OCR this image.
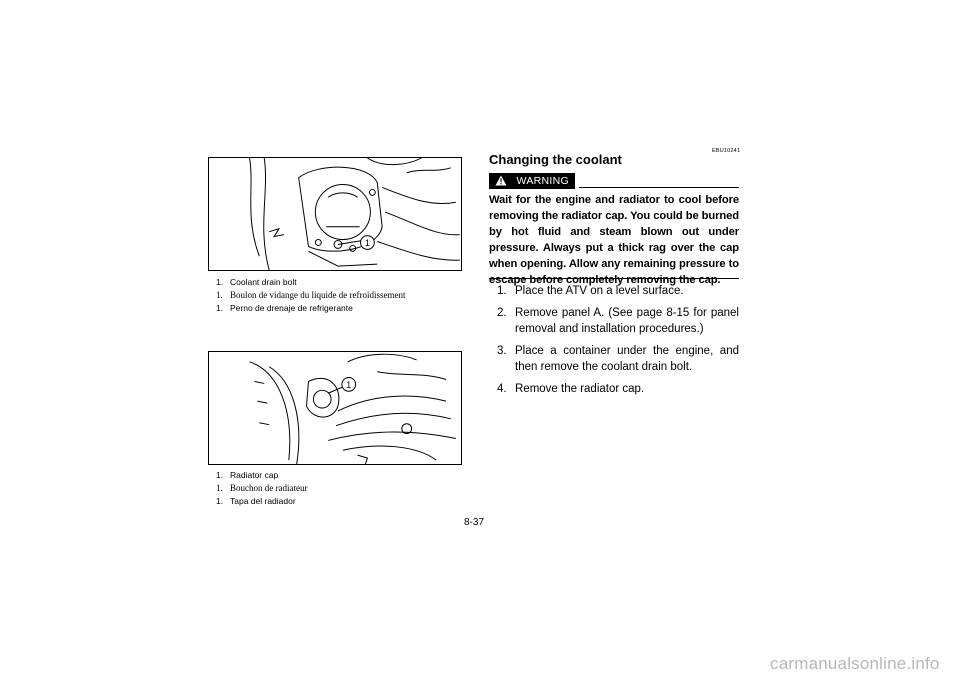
1
1. Coolant drain bolt
1. Boulon de vidange du liquide de refroidissement
1. Perno de drenaje de refrigerante
1
1. Radiator cap
1. Bouchon de radiateur
1. Tapa del radiador
EBU10241
Changing the coolant
WARNING
Wait for the engine and radiator to cool before removing the radiator cap. You could be burned by hot fluid and steam blown out under pressure. Always put a thick rag over the cap when opening. Allow any remaining pressure to escape before completely removing the cap.
1. Place the ATV on a level surface.
2. Remove panel A. (See page 8-15 for panel removal and installation procedures.)
3. Place a container under the engine, and then remove the coolant drain bolt.
4. Remove the radiator cap.
8-37
carmanualsonline.info
